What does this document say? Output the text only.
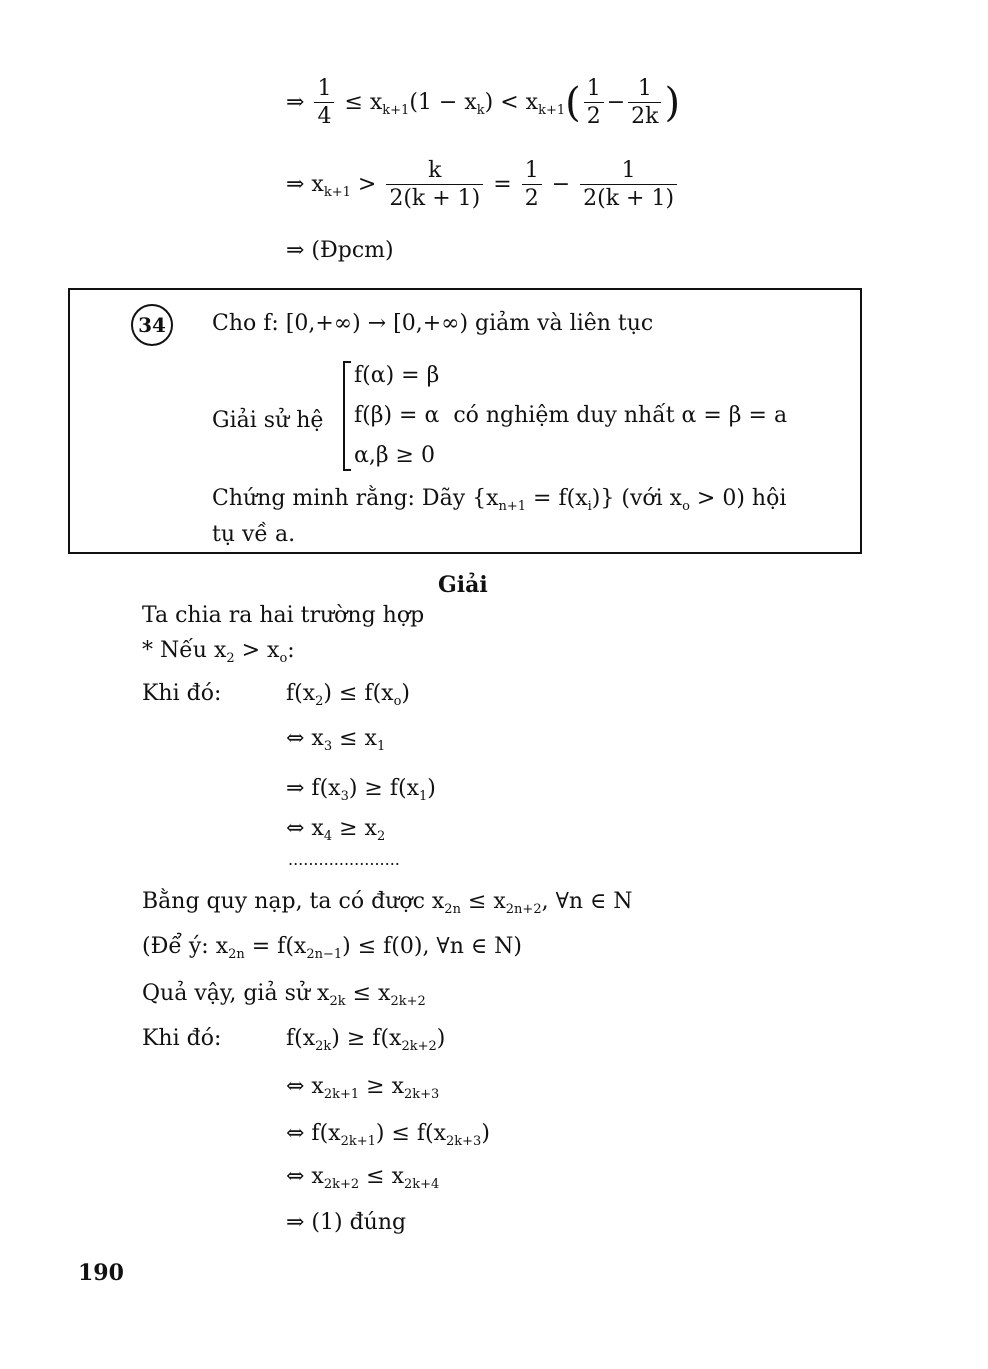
⇒ $\frac{1}{4} \le x_{k+1}(1 - x_k) < x_{k+1}( \frac{1}{2} - \frac{1}{2k}$ )
⇒ $x_{k+1} > \frac{k}{2(k + 1)} = \frac{1}{2} - \frac{1}{2(k + 1)}$
⇒ (Đpcm)
34	Cho f: [0,+∞) → [0,+∞) giảm và liên tục
Giải sử hệ
f(α) = β
f(β) = α có nghiệm duy nhất α = β = a
α,β ≥ 0
Chứng minh rằng: Dãy $\{x_{n+1} = f(x_i)\}$ (với $x_o > 0$) hội
tụ về a.
Giải
Ta chia ra hai trường hợp
* Nếu $x_2 > x_o$:
Khi đó:	$f(x_2) \le f(x_o)$
⇔ $x_3 \le x_1$
⇒ $f(x_3) \ge f(x_1)$
⇔ $x_4 \ge x_2$
......................
Bằng quy nạp, ta có được $x_{2n} \le x_{2n+2}$, ∀n ∈ N
(Để ý: $x_{2n} = f(x_{2n-1}) \le f(0)$, ∀n ∈ N)
Quả vậy, giả sử $x_{2k} \le x_{2k+2}$
Khi đó:	$f(x_{2k}) \ge f(x_{2k+2})$
⇔ $x_{2k+1} \ge x_{2k+3}$
⇔ $f(x_{2k+1}) \le f(x_{2k+3})$
⇔ $x_{2k+2} \le x_{2k+4}$
⇒ (1) đúng
190
